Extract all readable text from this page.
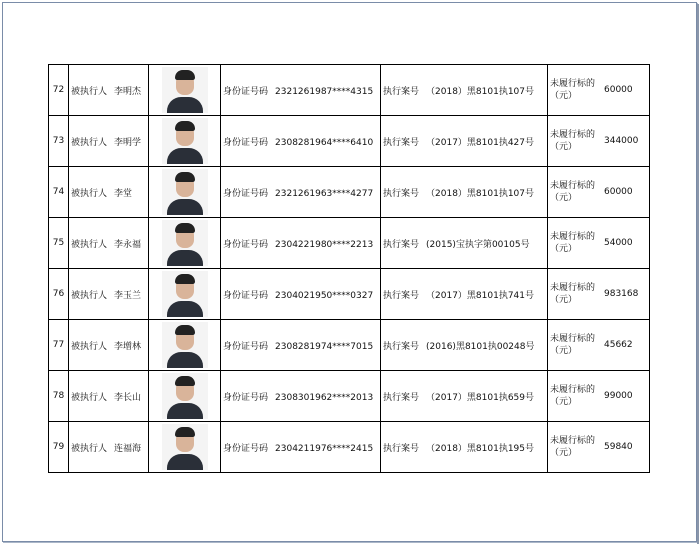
72	被执行人 李明杰		身份证号码 2321261987****4315	执行案号 （2018）黑8101执107号	未履行标的（元）60000
73	被执行人 李明学		身份证号码 2308281964****6410	执行案号 （2017）黑8101执427号	未履行标的（元）344000
74	被执行人 李堂		身份证号码 2321261963****4277	执行案号 （2018）黑8101执107号	未履行标的（元）60000
75	被执行人 李永福		身份证号码 2304221980****2213	执行案号 (2015)宝执字第00105号	未履行标的（元）54000
76	被执行人 李玉兰		身份证号码 2304021950****0327	执行案号 （2017）黑8101执741号	未履行标的（元）983168
77	被执行人 李增林		身份证号码 2308281974****7015	执行案号 (2016)黑8101执00248号	未履行标的（元）45662
78	被执行人 李长山		身份证号码 2308301962****2013	执行案号 （2017）黑8101执659号	未履行标的（元）99000
79	被执行人 连福海		身份证号码 2304211976****2415	执行案号 （2018）黑8101执195号	未履行标的（元）59840
